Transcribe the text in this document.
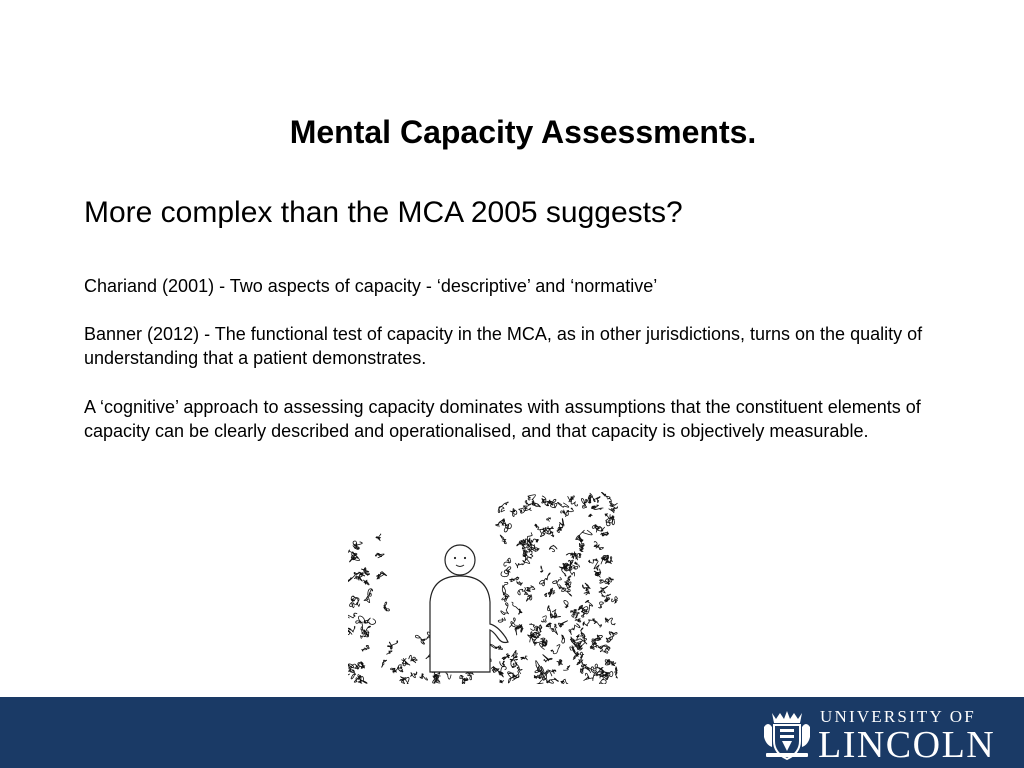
Mental Capacity Assessments.

More complex than the MCA 2005 suggests?

Chariand (2001) - Two aspects of capacity - ‘descriptive’ and ‘normative’

Banner (2012) - The functional test of capacity in the MCA, as in other jurisdictions, turns on the quality of understanding that a patient demonstrates.

A ‘cognitive’ approach to assessing capacity dominates with assumptions that the constituent elements of capacity can be clearly described and operationalised, and that capacity is objectively measurable.

UNIVERSITY OF
LINCOLN
